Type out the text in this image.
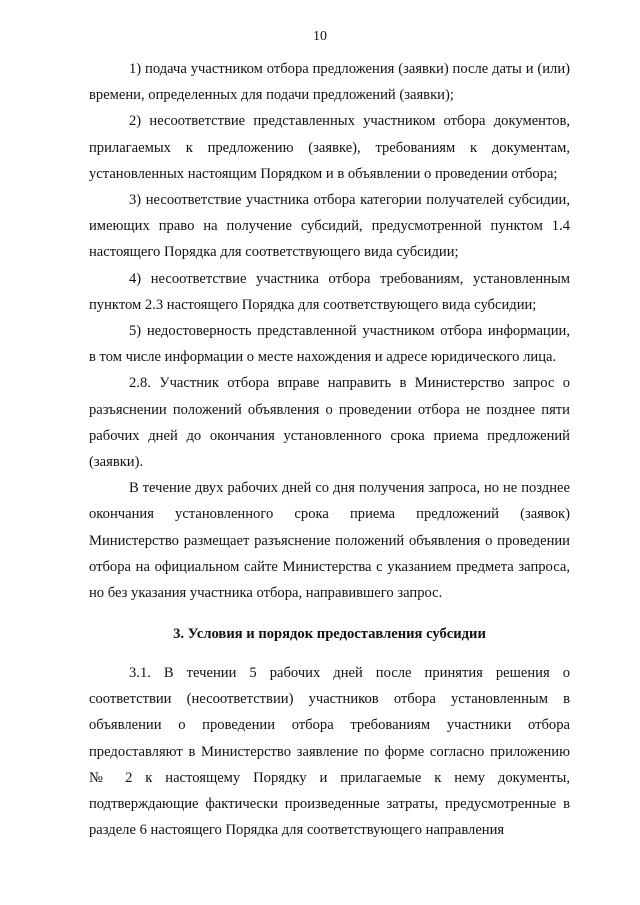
10

1) подача участником отбора предложения (заявки) после даты и (или) времени, определенных для подачи предложений (заявки);

2) несоответствие представленных участником отбора документов, прилагаемых к предложению (заявке), требованиям к документам, установленных настоящим Порядком и в объявлении о проведении отбора;

3) несоответствие участника отбора категории получателей субсидии, имеющих право на получение субсидий, предусмотренной пунктом 1.4 настоящего Порядка для соответствующего вида субсидии;

4) несоответствие участника отбора требованиям, установленным пунктом 2.3 настоящего Порядка для соответствующего вида субсидии;

5) недостоверность представленной участником отбора информации, в том числе информации о месте нахождения и адресе юридического лица.

2.8. Участник отбора вправе направить в Министерство запрос о разъяснении положений объявления о проведении отбора не позднее пяти рабочих дней до окончания установленного срока приема предложений (заявки).

В течение двух рабочих дней со дня получения запроса, но не позднее окончания установленного срока приема предложений (заявок) Министерство размещает разъяснение положений объявления о проведении отбора на официальном сайте Министерства с указанием предмета запроса, но без указания участника отбора, направившего запрос.

3. Условия и порядок предоставления субсидии

3.1. В течении 5 рабочих дней после принятия решения о соответствии (несоответствии) участников отбора установленным в объявлении о проведении отбора требованиям участники отбора предоставляют в Министерство заявление по форме согласно приложению № 2 к настоящему Порядку и прилагаемые к нему документы, подтверждающие фактически произведенные затраты, предусмотренные в разделе 6 настоящего Порядка для соответствующего направления
